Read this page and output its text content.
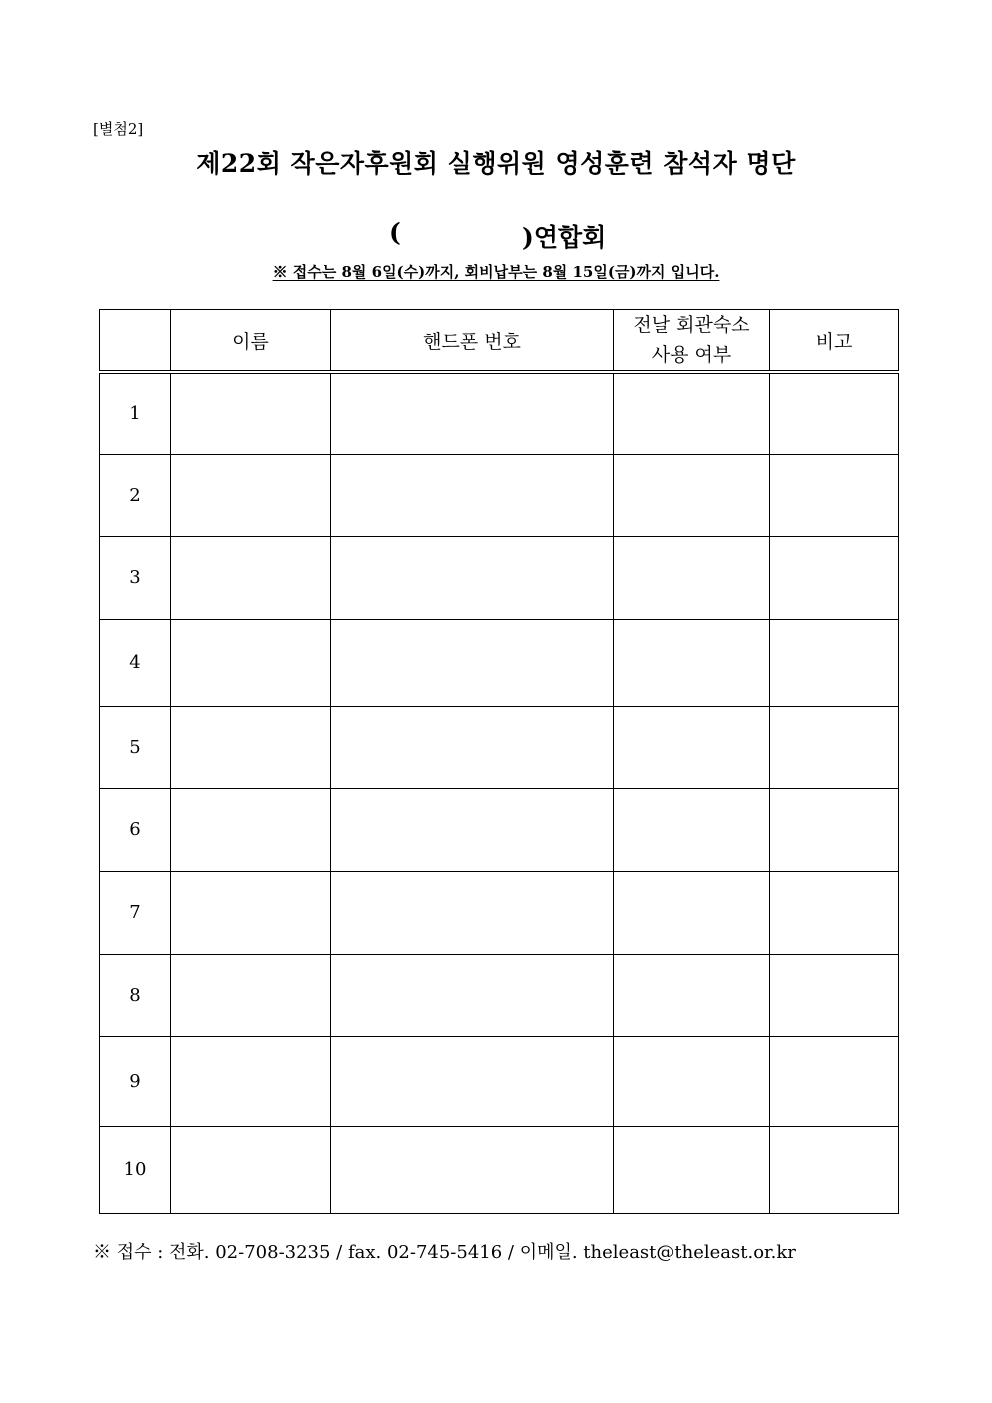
[별첨2]
제22회 작은자후원회 실행위원 영성훈련 참석자 명단
(	)연합회
※ 접수는 8월 6일(수)까지, 회비납부는 8월 15일(금)까지 입니다.
	이름	핸드폰 번호	전날 회관숙소
사용 여부	비고
1				
2				
3				
4				
5				
6				
7				
8				
9				
10				
※ 접수 : 전화. 02-708-3235 / fax. 02-745-5416 / 이메일. theleast@theleast.or.kr
